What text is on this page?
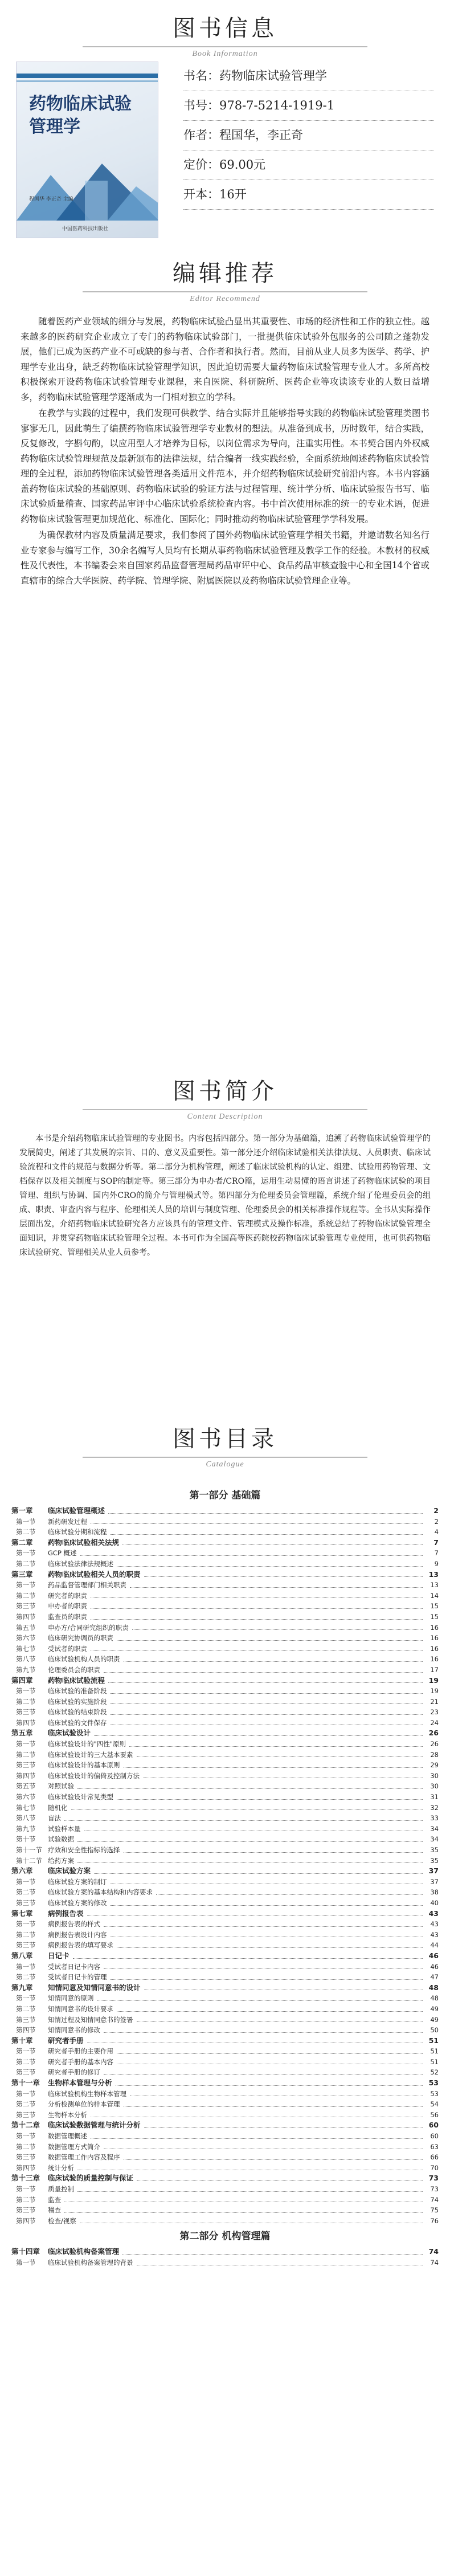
图书信息
Book Information
药物临床试验
管理学
程国华 李正奇 主编
中国医药科技出版社
书名：药物临床试验管理学
书号：978-7-5214-1919-1
作者：程国华，李正奇
定价：69.00元
开本：16开
编辑推荐
Editor Recommend

随着医药产业领域的细分与发展，药物临床试验凸显出其重要性、市场的经济性和工作的独立性。越来越多的医药研究企业成立了专门的药物临床试验部门，一批提供临床试验外包服务的公司随之蓬勃发展，他们已成为医药产业不可或缺的参与者、合作者和执行者。然而，目前从业人员多为医学、药学、护理学专业出身，缺乏药物临床试验管理学知识，因此迫切需要大量药物临床试验管理专业人才。多所高校积极探索开设药物临床试验管理专业课程，来自医院、科研院所、医药企业等攻读该专业的人数日益增多，药物临床试验管理学逐渐成为一门相对独立的学科。

在教学与实践的过程中，我们发现可供教学、结合实际并且能够指导实践的药物临床试验管理类图书寥寥无几，因此萌生了编撰药物临床试验管理学专业教材的想法。从准备到成书，历时数年，结合实践，反复修改，字斟句酌，以应用型人才培养为目标，以岗位需求为导向，注重实用性。本书契合国内外权威药物临床试验管理规范及最新颁布的法律法规，结合编者一线实践经验，全面系统地阐述药物临床试验管理的全过程，添加药物临床试验管理各类适用文件范本，并介绍药物临床试验研究前沿内容。本书内容涵盖药物临床试验的基础原则、药物临床试验的验证方法与过程管理、统计学分析、临床试验报告书写、临床试验质量稽查、国家药品审评中心临床试验系统检查内容。书中首次使用标准的统一的专业术语，促进药物临床试验管理更加规范化、标准化、国际化；同时推动药物临床试验管理学学科发展。

为确保教材内容及质量满足要求，我们参阅了国外药物临床试验管理学相关书籍，并邀请数名知名行业专家参与编写工作，30余名编写人员均有长期从事药物临床试验管理及教学工作的经验。本教材的权威性及代表性，本书编委会来自国家药品监督管理局药品审评中心、食品药品审核查验中心和全国14个省或直辖市的综合大学医院、药学院、管理学院、附属医院以及药物临床试验管理企业等。

图书简介
Content Description

本书是介绍药物临床试验管理的专业图书。内容包括四部分。第一部分为基础篇，追溯了药物临床试验管理学的发展简史，阐述了其发展的宗旨、目的、意义及重要性。第一部分还介绍临床试验相关法律法规、人员职责、临床试验流程和文件的规范与数据分析等。第二部分为机构管理，阐述了临床试验机构的认定、组建、试验用药物管理、文档保存以及相关制度与SOP的制定等。第三部分为申办者/CRO篇，运用生动易懂的语言讲述了药物临床试验的项目管理、组织与协调、国内外CRO的简介与管理模式等。第四部分为伦理委员会管理篇，系统介绍了伦理委员会的组成、职责、审查内容与程序、伦理相关人员的培训与制度管理、伦理委员会的相关标准操作规程等。全书从实际操作层面出发，介绍药物临床试验研究各方应该具有的管理文件、管理模式及操作标准，系统总结了药物临床试验管理全面知识，并贯穿药物临床试验管理全过程。本书可作为全国高等医药院校药物临床试验管理专业使用，也可供药物临床试验研究、管理相关从业人员参考。

图书目录
Catalogue
第一部分 基础篇
第一章	临床试验管理概述	2
第一节	新药研发过程	2
第二节	临床试验分期和流程	4
第二章	药物临床试验相关法规	7
第一节	GCP 概述	7
第二节	临床试验法律法规概述	9
第三章	药物临床试验相关人员的职责	13
第一节	药品监督管理部门相关职责	13
第二节	研究者的职责	14
第三节	申办者的职责	15
第四节	监查员的职责	15
第五节	申办方/合同研究组织的职责	16
第六节	临床研究协调员的职责	16
第七节	受试者的职责	16
第八节	临床试验机构人员的职责	16
第九节	伦理委员会的职责	17
第四章	药物临床试验流程	19
第一节	临床试验的准备阶段	19
第二节	临床试验的实施阶段	21
第三节	临床试验的结束阶段	23
第四节	临床试验的文件保存	24
第五章	临床试验设计	26
第一节	临床试验设计的"四性"原则	26
第二节	临床试验设计的三大基本要素	28
第三节	临床试验设计的基本原则	29
第四节	临床试验设计的偏倚及控制方法	30
第五节	对照试验	30
第六节	临床试验设计常见类型	31
第七节	随机化	32
第八节	盲法	33
第九节	试验样本量	34
第十节	试验数据	34
第十一节 疗效和安全性指标的选择	35
第十二节 给药方案	35
第六章	临床试验方案	37
第一节	临床试验方案的制订	37
第二节	临床试验方案的基本结构和内容要求	38
第三节	临床试验方案的修改	40
第七章	病例报告表	43
第一节	病例报告表的样式	43
第二节	病例报告表设计内容	43
第三节	病例报告表的填写要求	44
第八章	日记卡	46
第一节	受试者日记卡内容	46
第二节	受试者日记卡的管理	47
第九章	知情同意及知情同意书的设计	48
第一节	知情同意的原则	48
第二节	知情同意书的设计要求	49
第三节	知情过程及知情同意书的签署	49
第四节	知情同意书的修改	50
第十章	研究者手册	51
第一节	研究者手册的主要作用	51
第二节	研究者手册的基本内容	51
第三节	研究者手册的修订	52
第十一章	生物样本管理与分析	53
第一节	临床试验机构生物样本管理	53
第二节	分析检测单位的样本管理	54
第三节	生物样本分析	56
第十二章	临床试验数据管理与统计分析	60
第一节	数据管理概述	60
第二节	数据管理方式简介	63
第三节	数据管理工作内容及程序	66
第四节	统计分析	70
第十三章	临床试验的质量控制与保证	73
第一节	质量控制	73
第二节	监查	74
第三节	稽查	75
第四节	检查/视察	76
第二部分 机构管理篇
第十四章	临床试验机构备案管理	74
第一节	临床试验机构备案管理的背景	74
